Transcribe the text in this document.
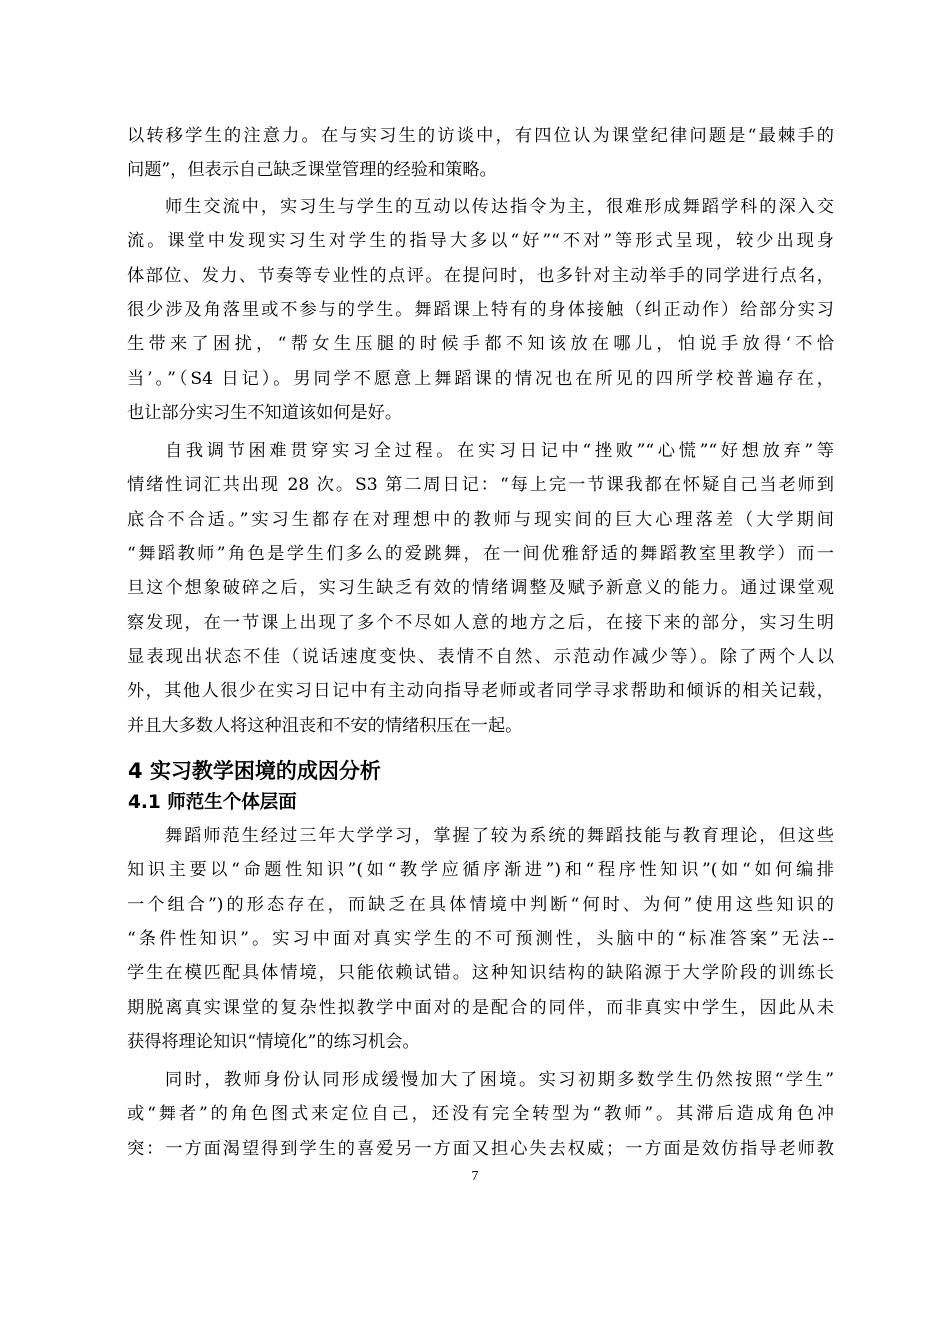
以转移学生的注意力。在与实习生的访谈中，有四位认为课堂纪律问题是“最棘手的
问题”，但表示自己缺乏课堂管理的经验和策略。
师生交流中，实习生与学生的互动以传达指令为主，很难形成舞蹈学科的深入交
流。课堂中发现实习生对学生的指导大多以“好”“不对”等形式呈现，较少出现身
体部位、发力、节奏等专业性的点评。在提问时，也多针对主动举手的同学进行点名，
很少涉及角落里或不参与的学生。舞蹈课上特有的身体接触（纠正动作）给部分实习
生带来了困扰，“帮女生压腿的时候手都不知该放在哪儿，怕说手放得‘不恰
当’。”（S4 日记）。男同学不愿意上舞蹈课的情况也在所见的四所学校普遍存在，
也让部分实习生不知道该如何是好。
自我调节困难贯穿实习全过程。在实习日记中“挫败”“心慌”“好想放弃”等
情绪性词汇共出现 28 次。S3 第二周日记：“每上完一节课我都在怀疑自己当老师到
底合不合适。”实习生都存在对理想中的教师与现实间的巨大心理落差（大学期间
“舞蹈教师”角色是学生们多么的爱跳舞，在一间优雅舒适的舞蹈教室里教学）而一
旦这个想象破碎之后，实习生缺乏有效的情绪调整及赋予新意义的能力。通过课堂观
察发现，在一节课上出现了多个不尽如人意的地方之后，在接下来的部分，实习生明
显表现出状态不佳（说话速度变快、表情不自然、示范动作减少等）。除了两个人以
外，其他人很少在实习日记中有主动向指导老师或者同学寻求帮助和倾诉的相关记载，
并且大多数人将这种沮丧和不安的情绪积压在一起。
4 实习教学困境的成因分析
4.1 师范生个体层面
舞蹈师范生经过三年大学学习，掌握了较为系统的舞蹈技能与教育理论，但这些
知识主要以“命题性知识”(如“教学应循序渐进”)和“程序性知识”(如“如何编排
一个组合”)的形态存在，而缺乏在具体情境中判断“何时、为何”使用这些知识的
“条件性知识”。实习中面对真实学生的不可预测性，头脑中的“标准答案”无法--
学生在模匹配具体情境，只能依赖试错。这种知识结构的缺陷源于大学阶段的训练长
期脱离真实课堂的复杂性拟教学中面对的是配合的同伴，而非真实中学生，因此从未
获得将理论知识“情境化”的练习机会。
同时，教师身份认同形成缓慢加大了困境。实习初期多数学生仍然按照“学生”
或“舞者”的角色图式来定位自己，还没有完全转型为“教师”。其滞后造成角色冲
突：一方面渴望得到学生的喜爱另一方面又担心失去权威；一方面是效仿指导老师教
7
